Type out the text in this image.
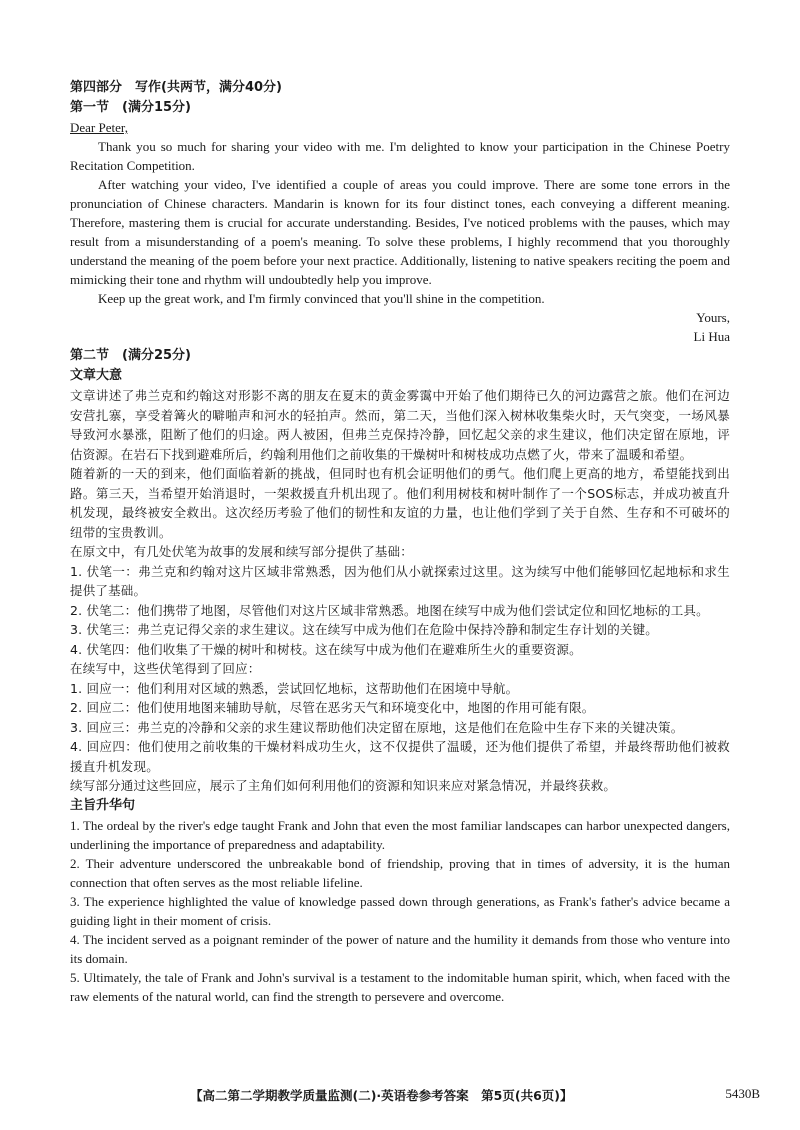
第四部分　写作(共两节，满分40分)
第一节　(满分15分)
Dear Peter,

Thank you so much for sharing your video with me. I'm delighted to know your participation in the Chinese Poetry Recitation Competition.

After watching your video, I've identified a couple of areas you could improve. There are some tone errors in the pronunciation of Chinese characters. Mandarin is known for its four distinct tones, each conveying a different meaning. Therefore, mastering them is crucial for accurate understanding. Besides, I've noticed problems with the pauses, which may result from a misunderstanding of a poem's meaning. To solve these problems, I highly recommend that you thoroughly understand the meaning of the poem before your next practice. Additionally, listening to native speakers reciting the poem and mimicking their tone and rhythm will undoubtedly help you improve.

Keep up the great work, and I'm firmly convinced that you'll shine in the competition.

Yours,
Li Hua
第二节　(满分25分)
文章大意

文章讲述了弗兰克和约翰这对形影不离的朋友在夏末的黄金雾霭中开始了他们期待已久的河边露营之旅。他们在河边安营扎寨，享受着篝火的噼啪声和河水的轻拍声。然而，第二天，当他们深入树林收集柴火时，天气突变，一场风暴导致河水暴涨，阻断了他们的归途。两人被困，但弗兰克保持冷静，回忆起父亲的求生建议，他们决定留在原地，评估资源。在岩石下找到避难所后，约翰利用他们之前收集的干燥树叶和树枝成功点燃了火，带来了温暖和希望。

随着新的一天的到来，他们面临着新的挑战，但同时也有机会证明他们的勇气。他们爬上更高的地方，希望能找到出路。第三天，当希望开始消退时，一架救援直升机出现了。他们利用树枝和树叶制作了一个SOS标志，并成功被直升机发现，最终被安全救出。这次经历考验了他们的韧性和友谊的力量，也让他们学到了关于自然、生存和不可破坏的纽带的宝贵教训。

在原文中，有几处伏笔为故事的发展和续写部分提供了基础：

1. 伏笔一：弗兰克和约翰对这片区域非常熟悉，因为他们从小就探索过这里。这为续写中他们能够回忆起地标和求生提供了基础。

2. 伏笔二：他们携带了地图，尽管他们对这片区域非常熟悉。地图在续写中成为他们尝试定位和回忆地标的工具。

3. 伏笔三：弗兰克记得父亲的求生建议。这在续写中成为他们在危险中保持冷静和制定生存计划的关键。

4. 伏笔四：他们收集了干燥的树叶和树枝。这在续写中成为他们在避难所生火的重要资源。

在续写中，这些伏笔得到了回应：

1. 回应一：他们利用对区域的熟悉，尝试回忆地标，这帮助他们在困境中导航。

2. 回应二：他们使用地图来辅助导航，尽管在恶劣天气和环境变化中，地图的作用可能有限。

3. 回应三：弗兰克的冷静和父亲的求生建议帮助他们决定留在原地，这是他们在危险中生存下来的关键决策。

4. 回应四：他们使用之前收集的干燥材料成功生火，这不仅提供了温暖，还为他们提供了希望，并最终帮助他们被救援直升机发现。

续写部分通过这些回应，展示了主角们如何利用他们的资源和知识来应对紧急情况，并最终获救。

主旨升华句

1. The ordeal by the river's edge taught Frank and John that even the most familiar landscapes can harbor unexpected dangers, underlining the importance of preparedness and adaptability.

2. Their adventure underscored the unbreakable bond of friendship, proving that in times of adversity, it is the human connection that often serves as the most reliable lifeline.

3. The experience highlighted the value of knowledge passed down through generations, as Frank's father's advice became a guiding light in their moment of crisis.

4. The incident served as a poignant reminder of the power of nature and the humility it demands from those who venture into its domain.

5. Ultimately, the tale of Frank and John's survival is a testament to the indomitable human spirit, which, when faced with the raw elements of the natural world, can find the strength to persevere and overcome.

【高二第二学期教学质量监测(二)·英语卷参考答案　第5页(共6页)】	5430B
